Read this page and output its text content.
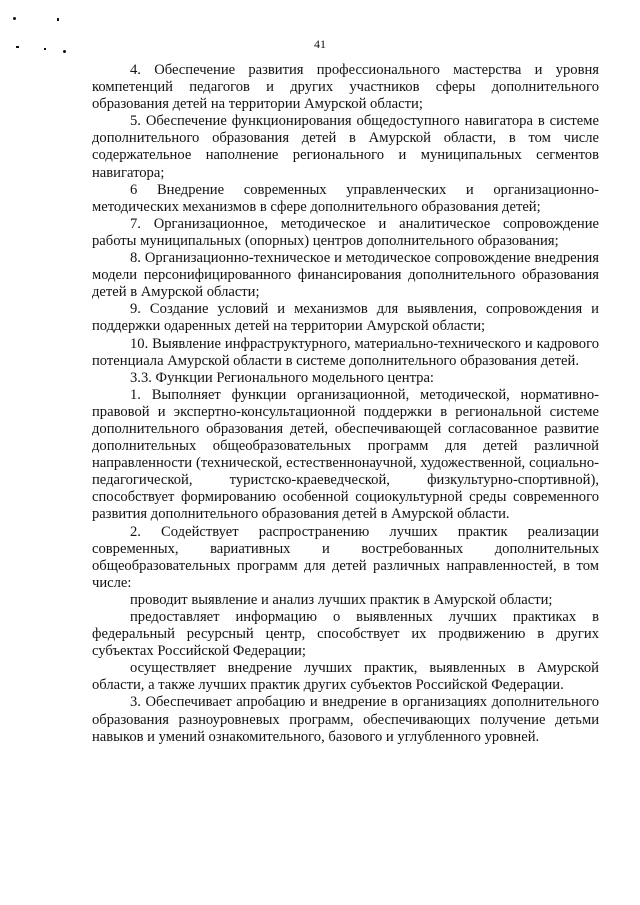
41

4. Обеспечение развития профессионального мастерства и уровня компетенций педагогов и других участников сферы дополнительного образования детей на территории Амурской области;

5. Обеспечение функционирования общедоступного навигатора в системе дополнительного образования детей в Амурской области, в том числе содержательное наполнение регионального и муниципальных сегментов навигатора;

6 Внедрение современных управленческих и организационно-методических механизмов в сфере дополнительного образования детей;

7. Организационное, методическое и аналитическое сопровождение работы муниципальных (опорных) центров дополнительного образования;

8. Организационно-техническое и методическое сопровождение внедрения модели персонифицированного финансирования дополнительного образования детей в Амурской области;

9. Создание условий и механизмов для выявления, сопровождения и поддержки одаренных детей на территории Амурской области;

10. Выявление инфраструктурного, материально-технического и кадрового потенциала Амурской области в системе дополнительного образования детей.

3.3. Функции Регионального модельного центра:

1. Выполняет функции организационной, методической, нормативно-правовой и экспертно-консультационной поддержки в региональной системе дополнительного образования детей, обеспечивающей согласованное развитие дополнительных общеобразовательных программ для детей различной направленности (технической, естественнонаучной, художественной, социально-педагогической, туристско-краеведческой, физкультурно-спортивной), способствует формированию особенной социокультурной среды современного развития дополнительного образования детей в Амурской области.

2. Содействует распространению лучших практик реализации современных, вариативных и востребованных дополнительных общеобразовательных программ для детей различных направленностей, в том числе:

проводит выявление и анализ лучших практик в Амурской области;

предоставляет информацию о выявленных лучших практиках в федеральный ресурсный центр, способствует их продвижению в других субъектах Российской Федерации;

осуществляет внедрение лучших практик, выявленных в Амурской области, а также лучших практик других субъектов Российской Федерации.

3. Обеспечивает апробацию и внедрение в организациях дополнительного образования разноуровневых программ, обеспечивающих получение детьми навыков и умений ознакомительного, базового и углубленного уровней.
